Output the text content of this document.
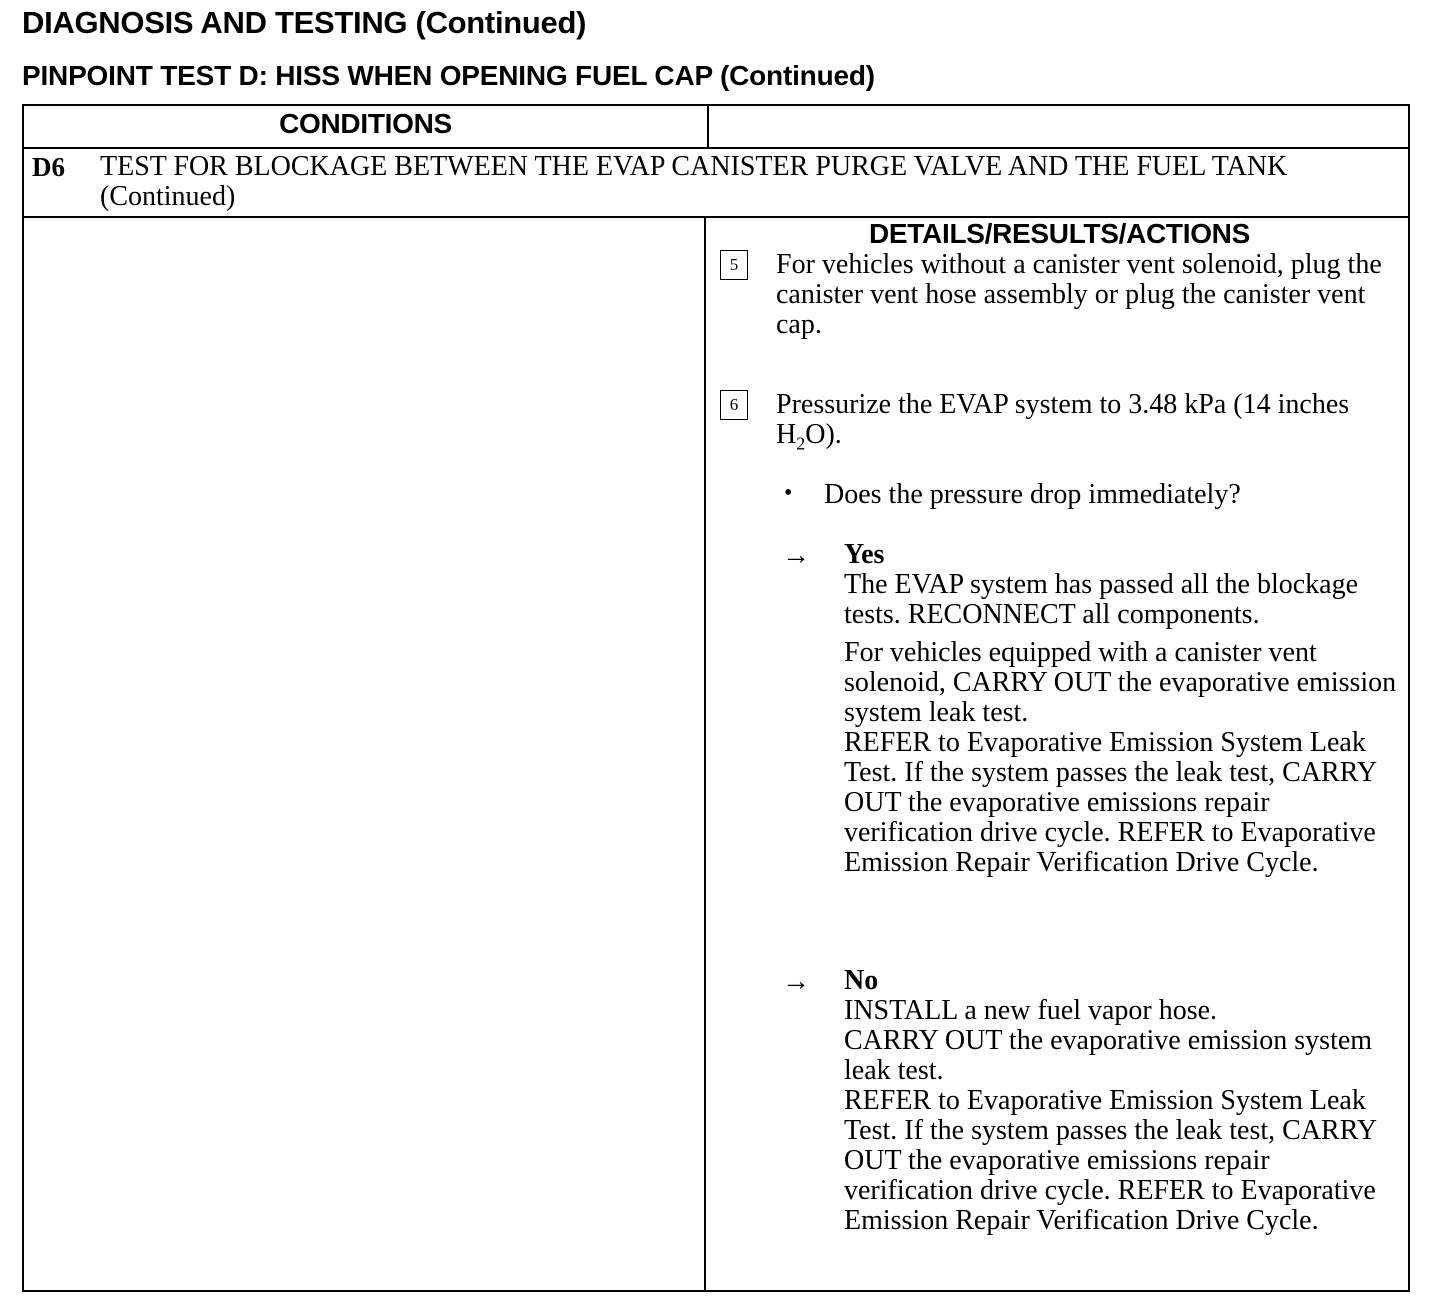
DIAGNOSIS AND TESTING (Continued)
PINPOINT TEST D: HISS WHEN OPENING FUEL CAP (Continued)
CONDITIONS
DETAILS/RESULTS/ACTIONS
D6 TEST FOR BLOCKAGE BETWEEN THE EVAP CANISTER PURGE VALVE AND THE FUEL TANK (Continued)
5	For vehicles without a canister vent solenoid, plug the canister vent hose assembly or plug the canister vent cap.
6	Pressurize the EVAP system to 3.48 kPa (14 inches $H_2O$).
• Does the pressure drop immediately?
→ Yes

The EVAP system has passed all the blockage tests. RECONNECT all components.

For vehicles equipped with a canister vent solenoid, CARRY OUT the evaporative emission system leak test.

REFER to Evaporative Emission System Leak Test. If the system passes the leak test, CARRY OUT the evaporative emissions repair verification drive cycle. REFER to Evaporative Emission Repair Verification Drive Cycle.

→ No
INSTALL a new fuel vapor hose.
CARRY OUT the evaporative emission system leak test.
REFER to Evaporative Emission System Leak Test. If the system passes the leak test, CARRY OUT the evaporative emissions repair verification drive cycle. REFER to Evaporative Emission Repair Verification Drive Cycle.
